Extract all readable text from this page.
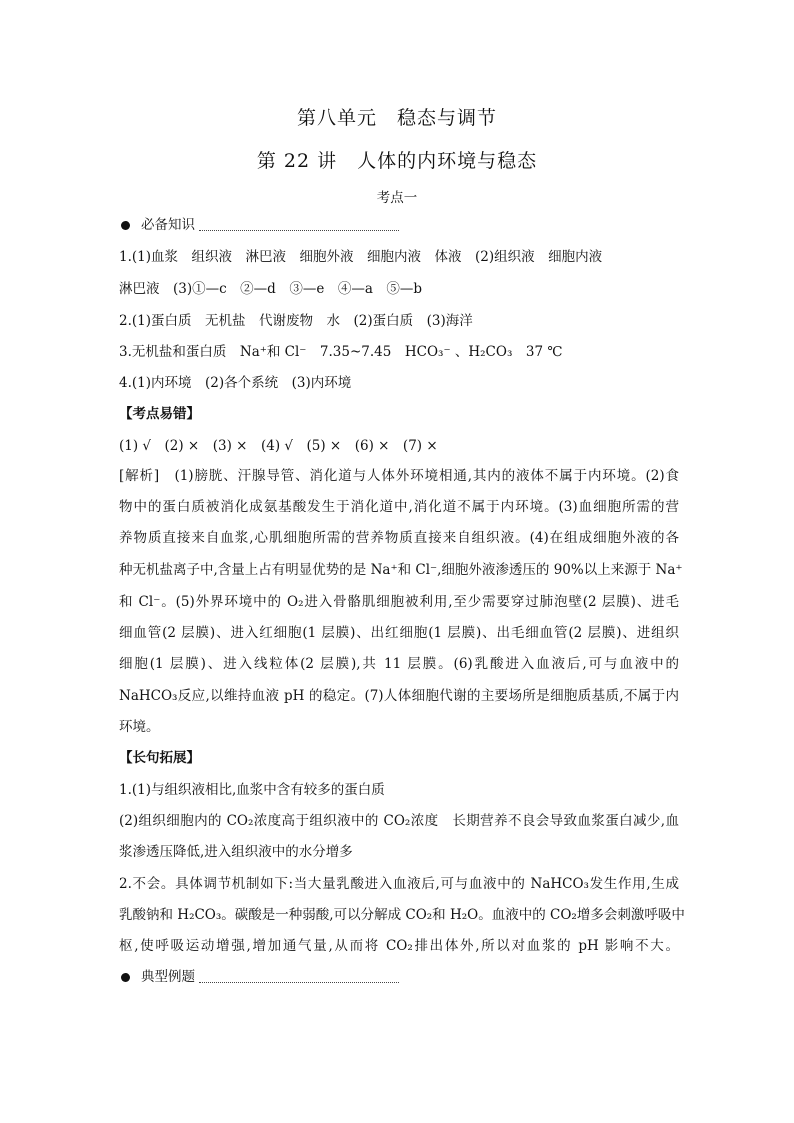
第八单元　稳态与调节
第 22 讲　人体的内环境与稳态
考点一
必备知识
1.(1)血浆　组织液　淋巴液　细胞外液　细胞内液　体液　(2)组织液　细胞内液
淋巴液　(3)①—c　②—d　③—e　④—a　⑤—b
2.(1)蛋白质　无机盐　代谢废物　水　(2)蛋白质　(3)海洋
3.无机盐和蛋白质　Na⁺和 Cl⁻　7.35~7.45　HCO₃⁻ 、H₂CO₃　37 ℃
4.(1)内环境　(2)各个系统　(3)内环境
【考点易错】
(1) √　(2) ×　(3) ×　(4) √　(5) ×　(6) ×　(7) ×
[解析]　(1)膀胱、汗腺导管、消化道与人体外环境相通,其内的液体不属于内环境。(2)食
物中的蛋白质被消化成氨基酸发生于消化道中,消化道不属于内环境。(3)血细胞所需的营
养物质直接来自血浆,心肌细胞所需的营养物质直接来自组织液。(4)在组成细胞外液的各
种无机盐离子中,含量上占有明显优势的是 Na⁺和 Cl⁻,细胞外液渗透压的 90%以上来源于 Na⁺
和 Cl⁻。(5)外界环境中的 O₂进入骨骼肌细胞被利用,至少需要穿过肺泡壁(2 层膜)、进毛
细血管(2 层膜)、进入红细胞(1 层膜)、出红细胞(1 层膜)、出毛细血管(2 层膜)、进组织
细胞(1 层膜)、进入线粒体(2 层膜),共 11 层膜。(6)乳酸进入血液后,可与血液中的
NaHCO₃反应,以维持血液 pH 的稳定。(7)人体细胞代谢的主要场所是细胞质基质,不属于内
环境。
【长句拓展】
1.(1)与组织液相比,血浆中含有较多的蛋白质
(2)组织细胞内的 CO₂浓度高于组织液中的 CO₂浓度　长期营养不良会导致血浆蛋白减少,血
浆渗透压降低,进入组织液中的水分增多
2.不会。具体调节机制如下:当大量乳酸进入血液后,可与血液中的 NaHCO₃发生作用,生成
乳酸钠和 H₂CO₃。碳酸是一种弱酸,可以分解成 CO₂和 H₂O。血液中的 CO₂增多会刺激呼吸中
枢,使呼吸运动增强,增加通气量,从而将 CO₂排出体外,所以对血浆的 pH 影响不大。
典型例题
